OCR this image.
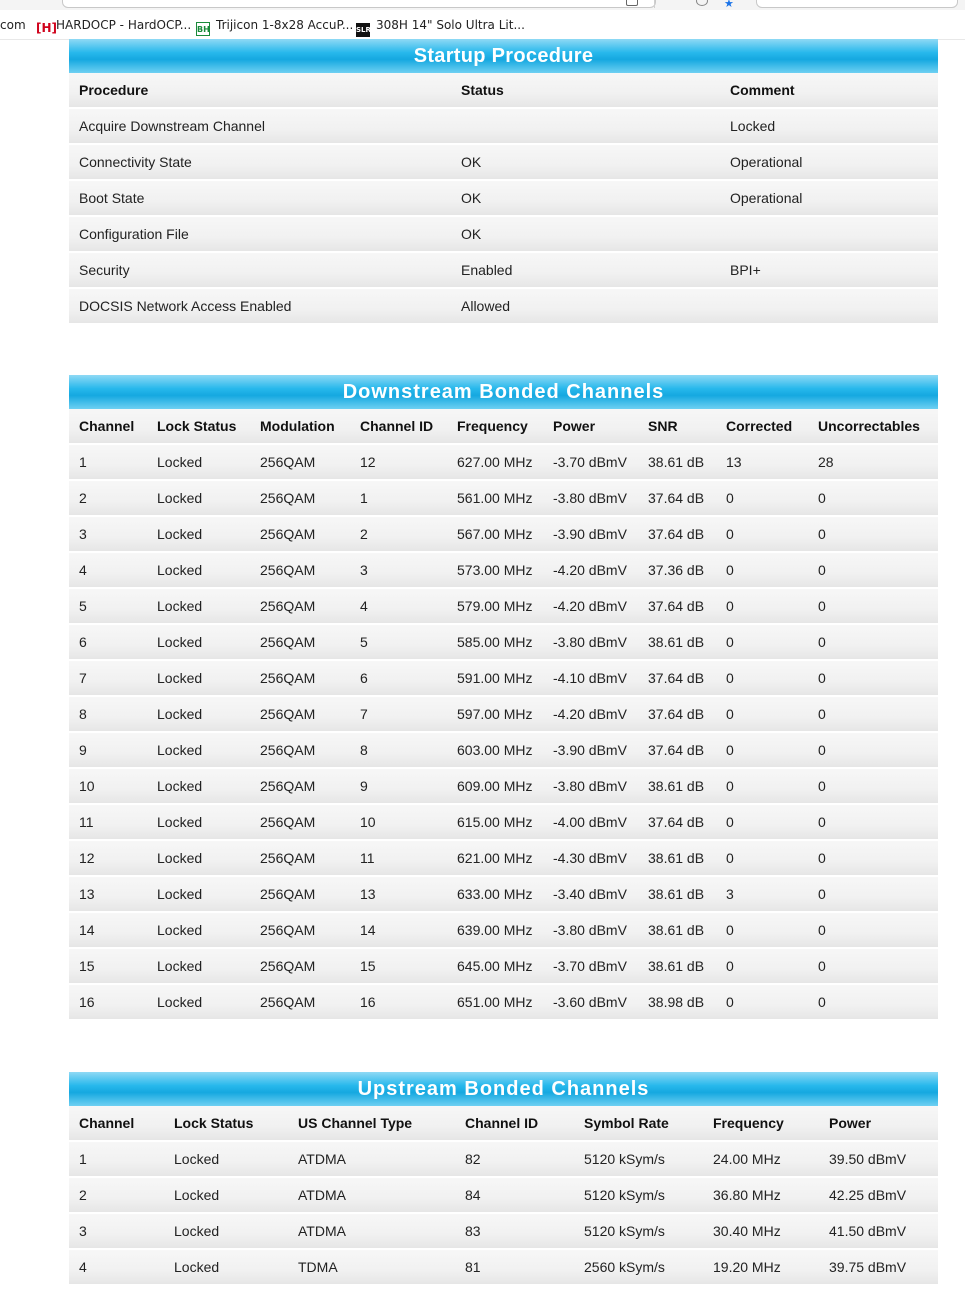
★
com [H]HARDOCP - HardOCP... BH Trijicon 1-8x28 AccuP... SLR 308H 14" Solo Ultra Lit...
Startup Procedure
Procedure	Status	Comment
Acquire Downstream Channel		Locked
Connectivity State	OK	Operational
Boot State	OK	Operational
Configuration File	OK	
Security	Enabled	BPI+
DOCSIS Network Access Enabled	Allowed	
Downstream Bonded Channels
Channel	Lock Status	Modulation	Channel ID	Frequency	Power	SNR	Corrected	Uncorrectables
1	Locked	256QAM	12	627.00 MHz	-3.70 dBmV	38.61 dB	13	28
2	Locked	256QAM	1	561.00 MHz	-3.80 dBmV	37.64 dB	0	0
3	Locked	256QAM	2	567.00 MHz	-3.90 dBmV	37.64 dB	0	0
4	Locked	256QAM	3	573.00 MHz	-4.20 dBmV	37.36 dB	0	0
5	Locked	256QAM	4	579.00 MHz	-4.20 dBmV	37.64 dB	0	0
6	Locked	256QAM	5	585.00 MHz	-3.80 dBmV	38.61 dB	0	0
7	Locked	256QAM	6	591.00 MHz	-4.10 dBmV	37.64 dB	0	0
8	Locked	256QAM	7	597.00 MHz	-4.20 dBmV	37.64 dB	0	0
9	Locked	256QAM	8	603.00 MHz	-3.90 dBmV	37.64 dB	0	0
10	Locked	256QAM	9	609.00 MHz	-3.80 dBmV	38.61 dB	0	0
11	Locked	256QAM	10	615.00 MHz	-4.00 dBmV	37.64 dB	0	0
12	Locked	256QAM	11	621.00 MHz	-4.30 dBmV	38.61 dB	0	0
13	Locked	256QAM	13	633.00 MHz	-3.40 dBmV	38.61 dB	3	0
14	Locked	256QAM	14	639.00 MHz	-3.80 dBmV	38.61 dB	0	0
15	Locked	256QAM	15	645.00 MHz	-3.70 dBmV	38.61 dB	0	0
16	Locked	256QAM	16	651.00 MHz	-3.60 dBmV	38.98 dB	0	0
Upstream Bonded Channels
Channel	Lock Status	US Channel Type	Channel ID	Symbol Rate	Frequency	Power
1	Locked	ATDMA	82	5120 kSym/s	24.00 MHz	39.50 dBmV
2	Locked	ATDMA	84	5120 kSym/s	36.80 MHz	42.25 dBmV
3	Locked	ATDMA	83	5120 kSym/s	30.40 MHz	41.50 dBmV
4	Locked	TDMA	81	2560 kSym/s	19.20 MHz	39.75 dBmV
